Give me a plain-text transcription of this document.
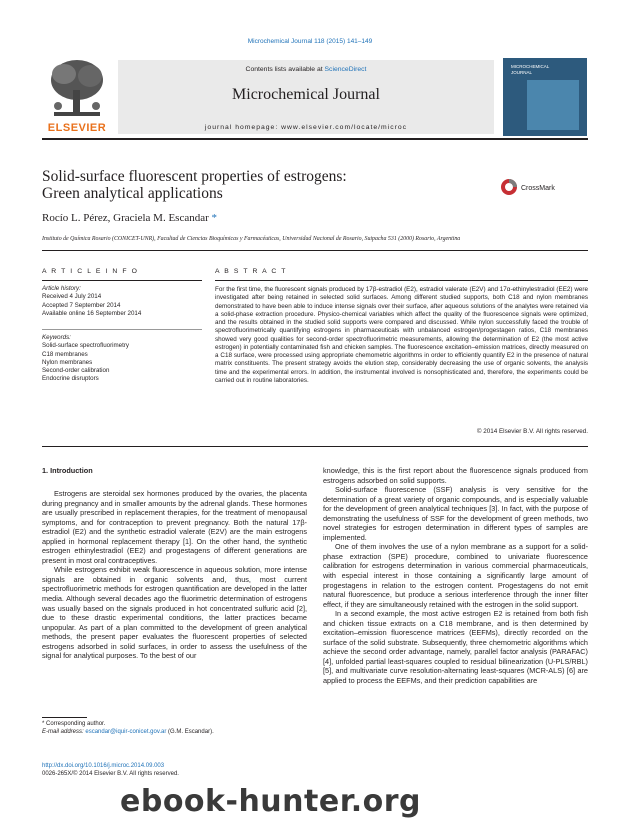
Microchemical Journal 118 (2015) 141–149
ELSEVIER
Contents lists available at ScienceDirect
Microchemical Journal
journal homepage: www.elsevier.com/locate/microc
MICROCHEMICAL
JOURNAL
Solid-surface fluorescent properties of estrogens:
Green analytical applications	CrossMark
Rocío L. Pérez, Graciela M. Escandar *
Instituto de Química Rosario (CONICET-UNR), Facultad de Ciencias Bioquímicas y Farmacéuticas, Universidad Nacional de Rosario, Suipacha 531 (2000) Rosario, Argentina
A R T I C L E I N F O	A B S T R A C T
Article history:
Received 4 July 2014
Accepted 7 September 2014
Available online 16 September 2014
Keywords:
Solid-surface spectrofluorimetry
C18 membranes
Nylon membranes
Second-order calibration
Endocrine disruptors
For the first time, the fluorescent signals produced by 17β-estradiol (E2), estradiol valerate (E2V) and 17α-ethinylestradiol (EE2) were investigated after being retained in selected solid surfaces. Among different studied supports, both C18 and nylon membranes demonstrated to have been able to induce intense signals over their surface, after aqueous solutions of the analytes were retained via a solid-phase extraction procedure. Physico-chemical variables which affect the quality of the fluorescence signals were optimized, and the results obtained in the studied solid supports were compared and discussed. While nylon successfully faced the trouble of spectrofluorimetrically quantifying estrogens in pharmaceuticals with unbalanced estrogen/progestagen ratios, C18 membranes showed very good qualities for second-order spectrofluorimetric measurements, allowing the determination of E2 (the most active estrogen) in potentially contaminated fish and chicken samples. The fluorescence excitation–emission matrices, directly measured on a C18 surface, were processed using appropriate chemometric algorithms in order to efficiently quantify E2 in the presence of natural matrix constituents. The present strategy avoids the elution step, considerably decreasing the use of organic solvents, the analysis time and the experimental errors. In addition, the instrumental involved is nonsophisticated and, therefore, the experiments could be carried out in routine laboratories.
© 2014 Elsevier B.V. All rights reserved.
1. Introduction

Estrogens are steroidal sex hormones produced by the ovaries, the placenta during pregnancy and in smaller amounts by the adrenal glands. These hormones are usually prescribed in replacement therapies, for the treatment of menopausal symptoms, and for contraception to prevent pregnancy. Both the natural 17β-estradiol (E2) and the synthetic estradiol valerate (E2V) are the main estrogens applied in hormonal replacement therapy [1]. On the other hand, the synthetic estrogen ethinylestradiol (EE2) and progestagens of different generations are present in most oral contraceptives.

While estrogens exhibit weak fluorescence in aqueous solution, more intense signals are obtained in organic solvents and, thus, most current spectrofluorimetric methods for estrogen quantification are developed in the latter media. Although several decades ago the fluorimetric determination of estrogens was usually based on the signals produced in hot concentrated sulfuric acid [2], due to these drastic experimental conditions, the latter practices became unpopular. As part of a plan committed to the development of green analytical methods, the present paper evaluates the fluorescent properties of selected estrogens adsorbed in solid surfaces, in order to assess the usefulness of the signal for analytical purposes. To the best of our

knowledge, this is the first report about the fluorescence signals produced from estrogens adsorbed on solid supports.

Solid-surface fluorescence (SSF) analysis is very sensitive for the determination of a great variety of organic compounds, and is especially valuable for the development of green analytical techniques [3]. In fact, with the purpose of demonstrating the usefulness of SSF for the development of green methods, two novel strategies for estrogen determination in different types of samples are implemented.

One of them involves the use of a nylon membrane as a support for a solid-phase extraction (SPE) procedure, combined to univariate fluorescence calibration for estrogens determination in various commercial pharmaceuticals, with especial interest in those containing a significantly large amount of progestagens in relation to the estrogen content. Progestagens do not emit natural fluorescence, but produce a serious interference through the inner filter effect, if they are simultaneously retained with the estrogen in the solid support.

In a second example, the most active estrogen E2 is retained from both fish and chicken tissue extracts on a C18 membrane, and is then determined by excitation–emission fluorescence matrices (EEFMs), directly recorded on the surface of the solid substrate. Subsequently, three chemometric algorithms which achieve the second order advantage, namely, parallel factor analysis (PARAFAC) [4], unfolded partial least-squares coupled to residual bilinearization (U-PLS/RBL) [5], and multivariate curve resolution-alternating least-squares (MCR-ALS) [6] are applied to process the EEFMs, and their prediction capabilities are

* Corresponding author.
E-mail address: escandar@iquir-conicet.gov.ar (G.M. Escandar).
http://dx.doi.org/10.1016/j.microc.2014.09.003
0026-265X/© 2014 Elsevier B.V. All rights reserved.
ebook-hunter.org
